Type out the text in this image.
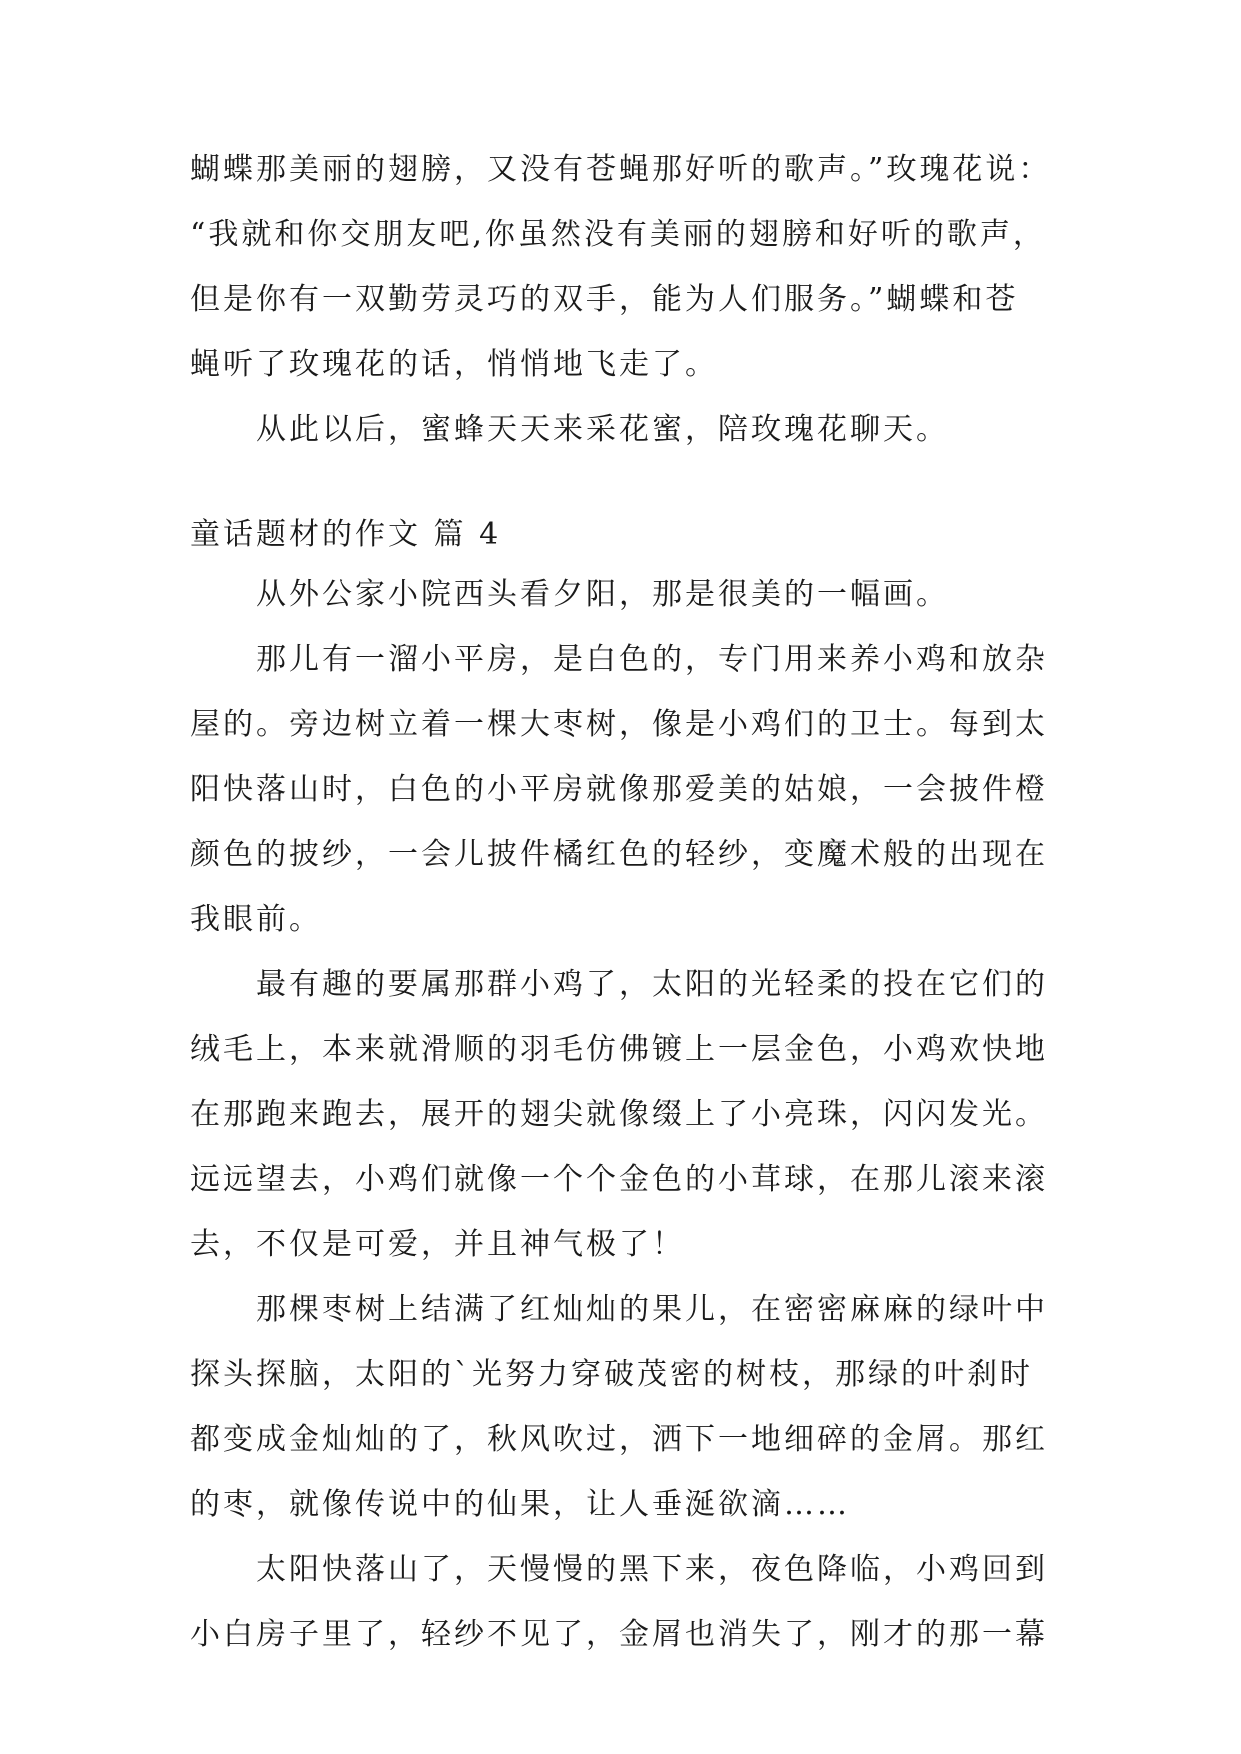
蝴蝶那美丽的翅膀，又没有苍蝇那好听的歌声。”玫瑰花说：
“我就和你交朋友吧,你虽然没有美丽的翅膀和好听的歌声，
但是你有一双勤劳灵巧的双手，能为人们服务。”蝴蝶和苍
蝇听了玫瑰花的话，悄悄地飞走了。
从此以后，蜜蜂天天来采花蜜，陪玫瑰花聊天。
童话题材的作文 篇 4
从外公家小院西头看夕阳，那是很美的一幅画。
那儿有一溜小平房，是白色的，专门用来养小鸡和放杂
屋的。旁边树立着一棵大枣树，像是小鸡们的卫士。每到太
阳快落山时，白色的小平房就像那爱美的姑娘，一会披件橙
颜色的披纱，一会儿披件橘红色的轻纱，变魔术般的出现在
我眼前。
最有趣的要属那群小鸡了，太阳的光轻柔的投在它们的
绒毛上，本来就滑顺的羽毛仿佛镀上一层金色，小鸡欢快地
在那跑来跑去，展开的翅尖就像缀上了小亮珠，闪闪发光。
远远望去，小鸡们就像一个个金色的小茸球，在那儿滚来滚
去，不仅是可爱，并且神气极了！
那棵枣树上结满了红灿灿的果儿，在密密麻麻的绿叶中
探头探脑，太阳的`光努力穿破茂密的树枝，那绿的叶刹时
都变成金灿灿的了，秋风吹过，洒下一地细碎的金屑。那红
的枣，就像传说中的仙果，让人垂涎欲滴……
太阳快落山了，天慢慢的黑下来，夜色降临，小鸡回到
小白房子里了，轻纱不见了，金屑也消失了，刚才的那一幕
